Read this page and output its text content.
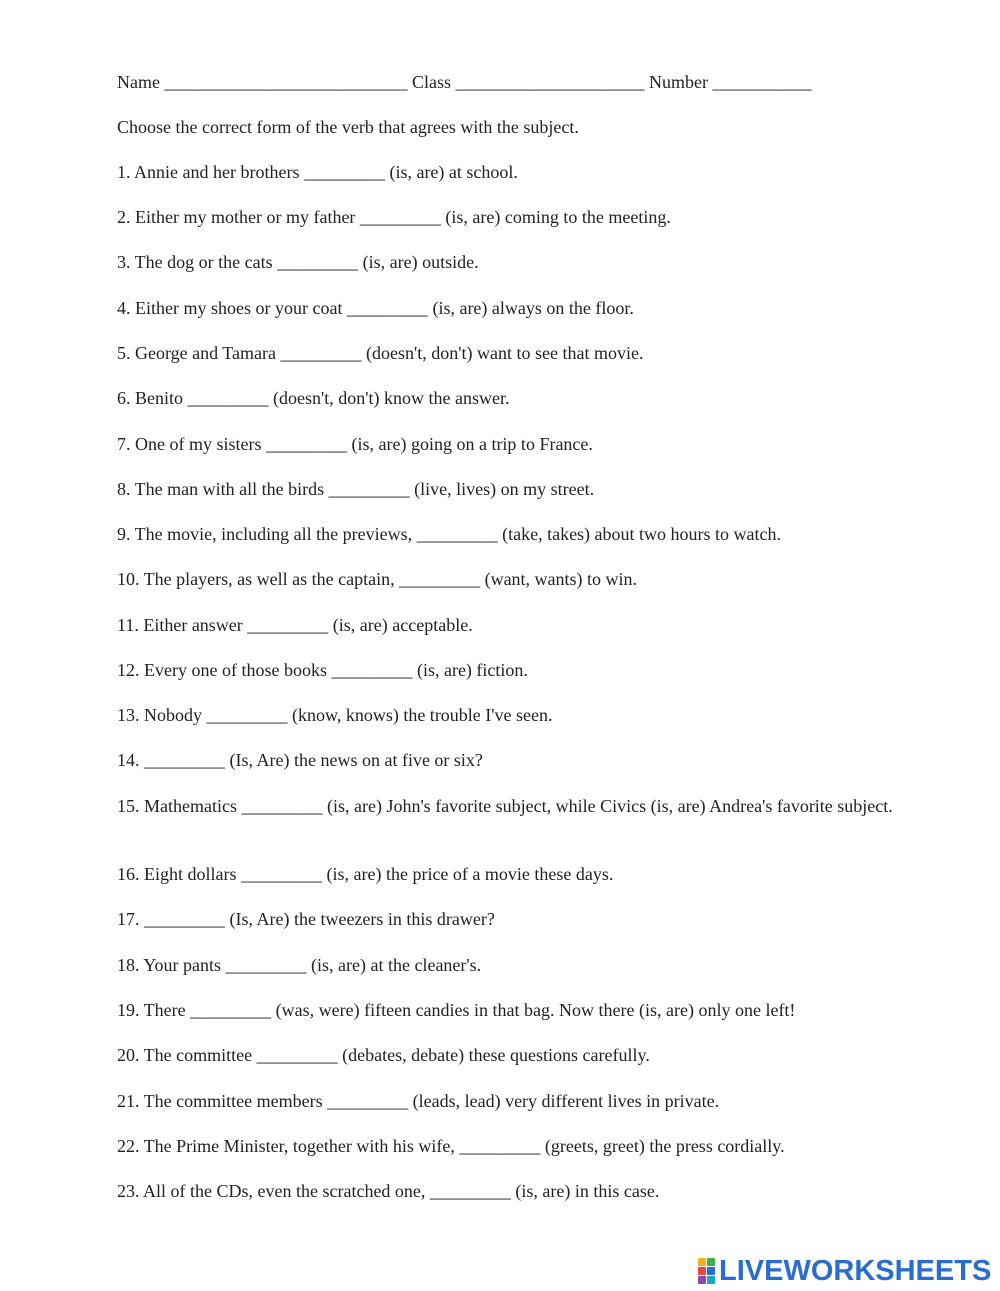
Name ___________________________ Class _____________________ Number ___________
Choose the correct form of the verb that agrees with the subject.
1. Annie and her brothers _________ (is, are) at school.
2. Either my mother or my father _________ (is, are) coming to the meeting.
3. The dog or the cats _________ (is, are) outside.
4. Either my shoes or your coat _________ (is, are) always on the floor.
5. George and Tamara _________ (doesn't, don't) want to see that movie.
6. Benito _________ (doesn't, don't) know the answer.
7. One of my sisters _________ (is, are) going on a trip to France.
8. The man with all the birds _________ (live, lives) on my street.
9. The movie, including all the previews, _________ (take, takes) about two hours to watch.
10. The players, as well as the captain, _________ (want, wants) to win.
11. Either answer _________ (is, are) acceptable.
12. Every one of those books _________ (is, are) fiction.
13. Nobody _________ (know, knows) the trouble I've seen.
14. _________ (Is, Are) the news on at five or six?
15. Mathematics _________ (is, are) John's favorite subject, while Civics (is, are) Andrea's favorite subject.
16. Eight dollars _________ (is, are) the price of a movie these days.
17. _________ (Is, Are) the tweezers in this drawer?
18. Your pants _________ (is, are) at the cleaner's.
19. There _________ (was, were) fifteen candies in that bag. Now there (is, are) only one left!
20. The committee _________ (debates, debate) these questions carefully.
21. The committee members _________ (leads, lead) very different lives in private.
22. The Prime Minister, together with his wife, _________ (greets, greet) the press cordially.
23. All of the CDs, even the scratched one, _________ (is, are) in this case.
LIVEWORKSHEETS
